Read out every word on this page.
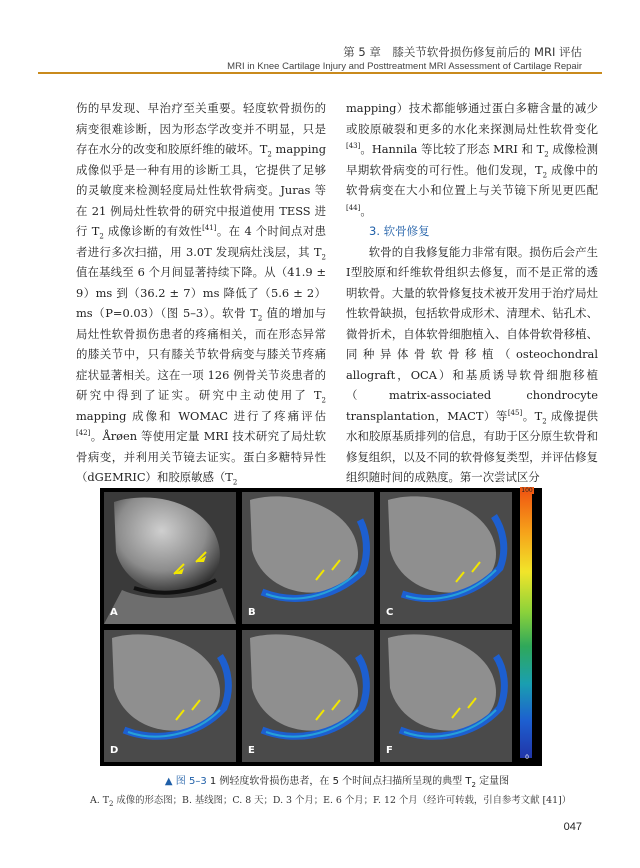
第 5 章　膝关节软骨损伤修复前后的 MRI 评估
MRI in Knee Cartilage Injury and Posttreatment MRI Assessment of Cartilage Repair

伤的早发现、早治疗至关重要。轻度软骨损伤的病变很难诊断，因为形态学改变并不明显，只是存在水分的改变和胶原纤维的破坏。$T_2$ mapping 成像似乎是一种有用的诊断工具，它提供了足够的灵敏度来检测轻度局灶性软骨病变。Juras 等在 21 例局灶性软骨的研究中报道使用 TESS 进行 $T_2$ 成像诊断的有效性[41]。在 4 个时间点对患者进行多次扫描，用 3.0T 发现病灶浅层，其 $T_2$ 值在基线至 6 个月间显著持续下降。从（41.9 ± 9）ms 到（36.2 ± 7）ms 降低了（5.6 ± 2）ms（P=0.03）（图 5–3）。软骨 $T_2$ 值的增加与局灶性软骨损伤患者的疼痛相关，而在形态异常的膝关节中，只有膝关节软骨病变与膝关节疼痛症状显著相关。这在一项 126 例骨关节炎患者的研究中得到了证实。研究中主动使用了 $T_2$ mapping 成像和 WOMAC 进行了疼痛评估[42]。Årøen 等使用定量 MRI 技术研究了局灶软骨病变，并利用关节镜去证实。蛋白多糖特异性（dGEMRIC）和胶原敏感（$T_2$

mapping）技术都能够通过蛋白多糖含量的减少或胶原破裂和更多的水化来探测局灶性软骨变化[43]。Hannila 等比较了形态 MRI 和 $T_2$ 成像检测早期软骨病变的可行性。他们发现，$T_2$ 成像中的软骨病变在大小和位置上与关节镜下所见更匹配[44]。

3. 软骨修复

软骨的自我修复能力非常有限。损伤后会产生Ⅰ型胶原和纤维软骨组织去修复，而不是正常的透明软骨。大量的软骨修复技术被开发用于治疗局灶性软骨缺损，包括软骨成形术、清理术、钻孔术、微骨折术，自体软骨细胞植入、自体骨软骨移植、同种异体骨软骨移植（osteochondral allograft，OCA）和基质诱导软骨细胞移植（matrix-associated chondrocyte transplantation，MACT）等[45]。$T_2$ 成像提供水和胶原基质排列的信息，有助于区分原生软骨和修复组织，以及不同的软骨修复类型，并评估修复组织随时间的成熟度。第一次尝试区分

A	B	C
D	E	F
100
0
▲ 图 5–3 1 例轻度软骨损伤患者，在 5 个时间点扫描所呈现的典型 $T_2$ 定量图
A. $T_2$ 成像的形态图；B. 基线图；C. 8 天；D. 3 个月；E. 6 个月；F. 12 个月（经许可转载，引自参考文献 [41]）
047
